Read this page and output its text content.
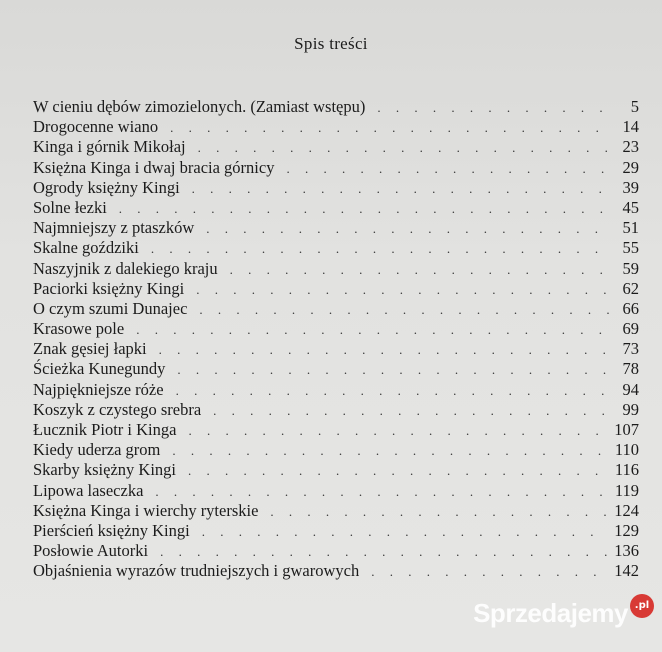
Spis treści
W cieniu dębów zimozielonych. (Zamiast wstępu) . . .	5
Drogocenne wiano . . .	14
Kinga i górnik Mikołaj . . .	23
Księżna Kinga i dwaj bracia górnicy . . .	29
Ogrody księżny Kingi . . .	39
Solne łezki . . .	45
Najmniejszy z ptaszków . . .	51
Skalne goździki . . .	55
Naszyjnik z dalekiego kraju . . .	59
Paciorki księżny Kingi . . .	62
O czym szumi Dunajec . . .	66
Krasowe pole . . .	69
Znak gęsiej łapki . . .	73
Ścieżka Kunegundy . . .	78
Najpiękniejsze róże . . .	94
Koszyk z czystego srebra . . .	99
Łucznik Piotr i Kinga . . .	107
Kiedy uderza grom . . .	110
Skarby księżny Kingi . . .	116
Lipowa laseczka . . .	119
Księżna Kinga i wierchy ryterskie . . .	124
Pierścień księżny Kingi . . .	129
Posłowie Autorki . . .	136
Objaśnienia wyrazów trudniejszych i gwarowych . . .	142
Sprzedajemy .pl
